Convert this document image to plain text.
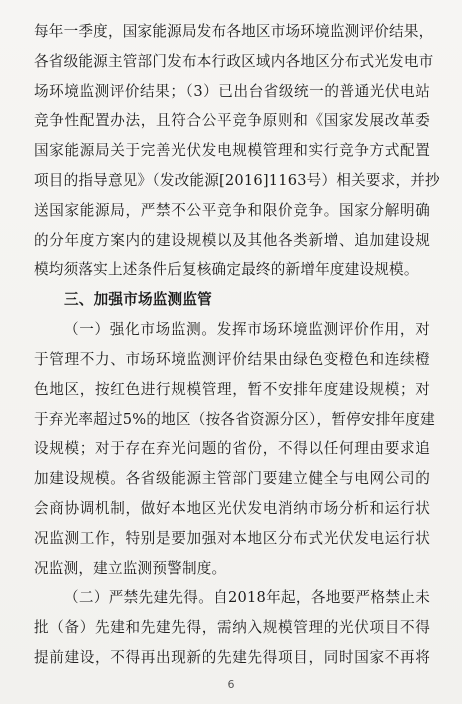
每年一季度，国家能源局发布各地区市场环境监测评价结果，
各省级能源主管部门发布本行政区域内各地区分布式光发电市
场环境监测评价结果；（3）已出台省级统一的普通光伏电站
竞争性配置办法，且符合公平竞争原则和《国家发展改革委
国家能源局关于完善光伏发电规模管理和实行竞争方式配置
项目的指导意见》（发改能源[2016]1163号）相关要求，并抄
送国家能源局，严禁不公平竞争和限价竞争。国家分解明确
的分年度方案内的建设规模以及其他各类新增、追加建设规
模均须落实上述条件后复核确定最终的新增年度建设规模。
三、加强市场监测监管
（一）强化市场监测。发挥市场环境监测评价作用，对
于管理不力、市场环境监测评价结果由绿色变橙色和连续橙
色地区，按红色进行规模管理，暂不安排年度建设规模；对
于弃光率超过5%的地区（按各省资源分区），暂停安排年度建
设规模；对于存在弃光问题的省份，不得以任何理由要求追
加建设规模。各省级能源主管部门要建立健全与电网公司的
会商协调机制，做好本地区光伏发电消纳市场分析和运行状
况监测工作，特别是要加强对本地区分布式光伏发电运行状
况监测，建立监测预警制度。
（二）严禁先建先得。自2018年起，各地要严格禁止未
批（备）先建和先建先得，需纳入规模管理的光伏项目不得
提前建设，不得再出现新的先建先得项目，同时国家不再将
6
